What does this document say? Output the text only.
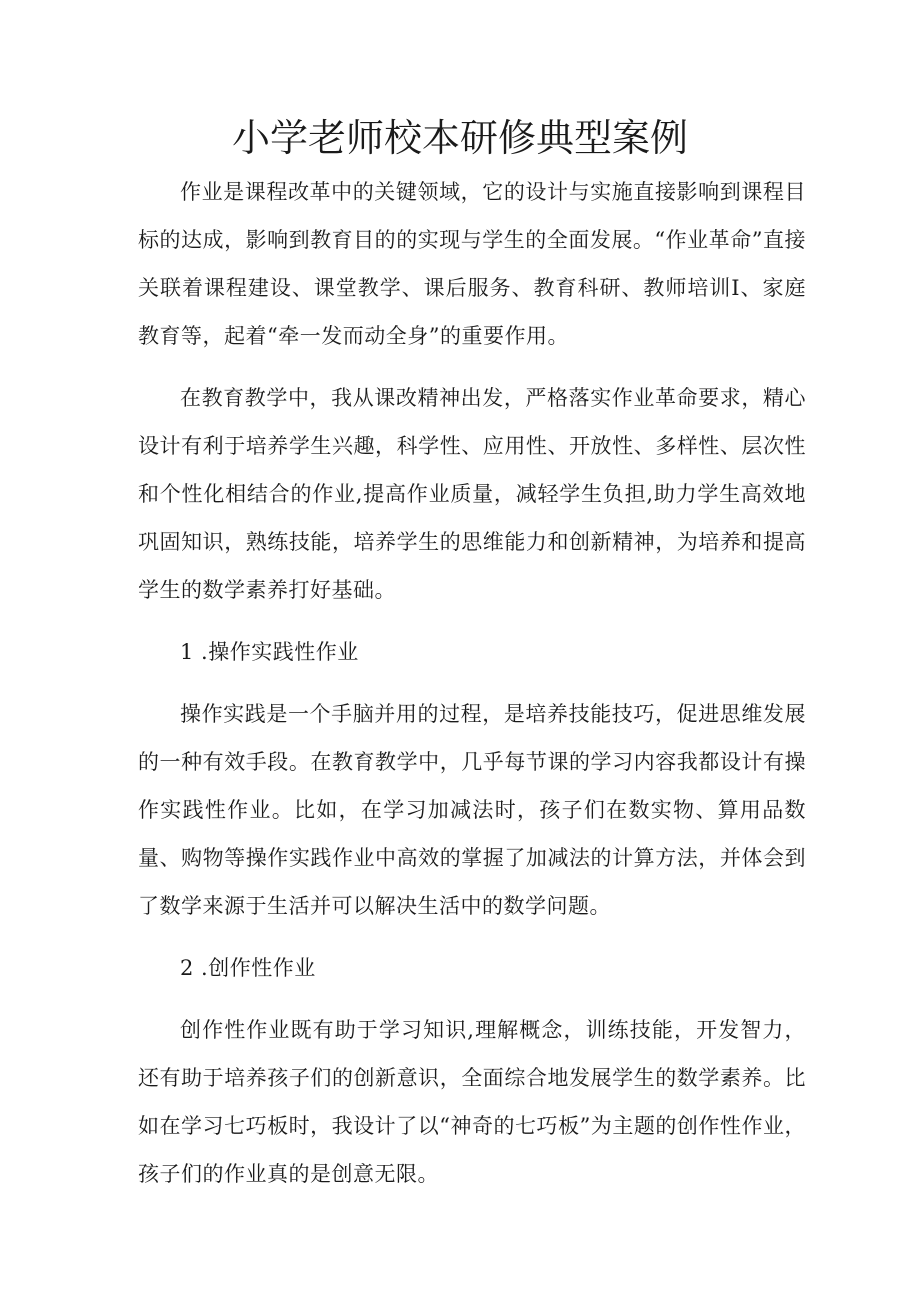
小学老师校本研修典型案例

作业是课程改革中的关键领域，它的设计与实施直接影响到课程目标的达成，影响到教育目的的实现与学生的全面发展。“作业革命”直接关联着课程建设、课堂教学、课后服务、教育科研、教师培训I、家庭教育等，起着“牵一发而动全身”的重要作用。

在教育教学中，我从课改精神出发，严格落实作业革命要求，精心设计有利于培养学生兴趣，科学性、应用性、开放性、多样性、层次性和个性化相结合的作业,提高作业质量，减轻学生负担,助力学生高效地巩固知识，熟练技能，培养学生的思维能力和创新精神，为培养和提高学生的数学素养打好基础。

1 .操作实践性作业

操作实践是一个手脑并用的过程，是培养技能技巧，促进思维发展的一种有效手段。在教育教学中，几乎每节课的学习内容我都设计有操作实践性作业。比如，在学习加减法时，孩子们在数实物、算用品数量、购物等操作实践作业中高效的掌握了加减法的计算方法，并体会到了数学来源于生活并可以解决生活中的数学问题。

2 .创作性作业

创作性作业既有助于学习知识,理解概念，训练技能，开发智力，还有助于培养孩子们的创新意识，全面综合地发展学生的数学素养。比如在学习七巧板时，我设计了以“神奇的七巧板”为主题的创作性作业，孩子们的作业真的是创意无限。
